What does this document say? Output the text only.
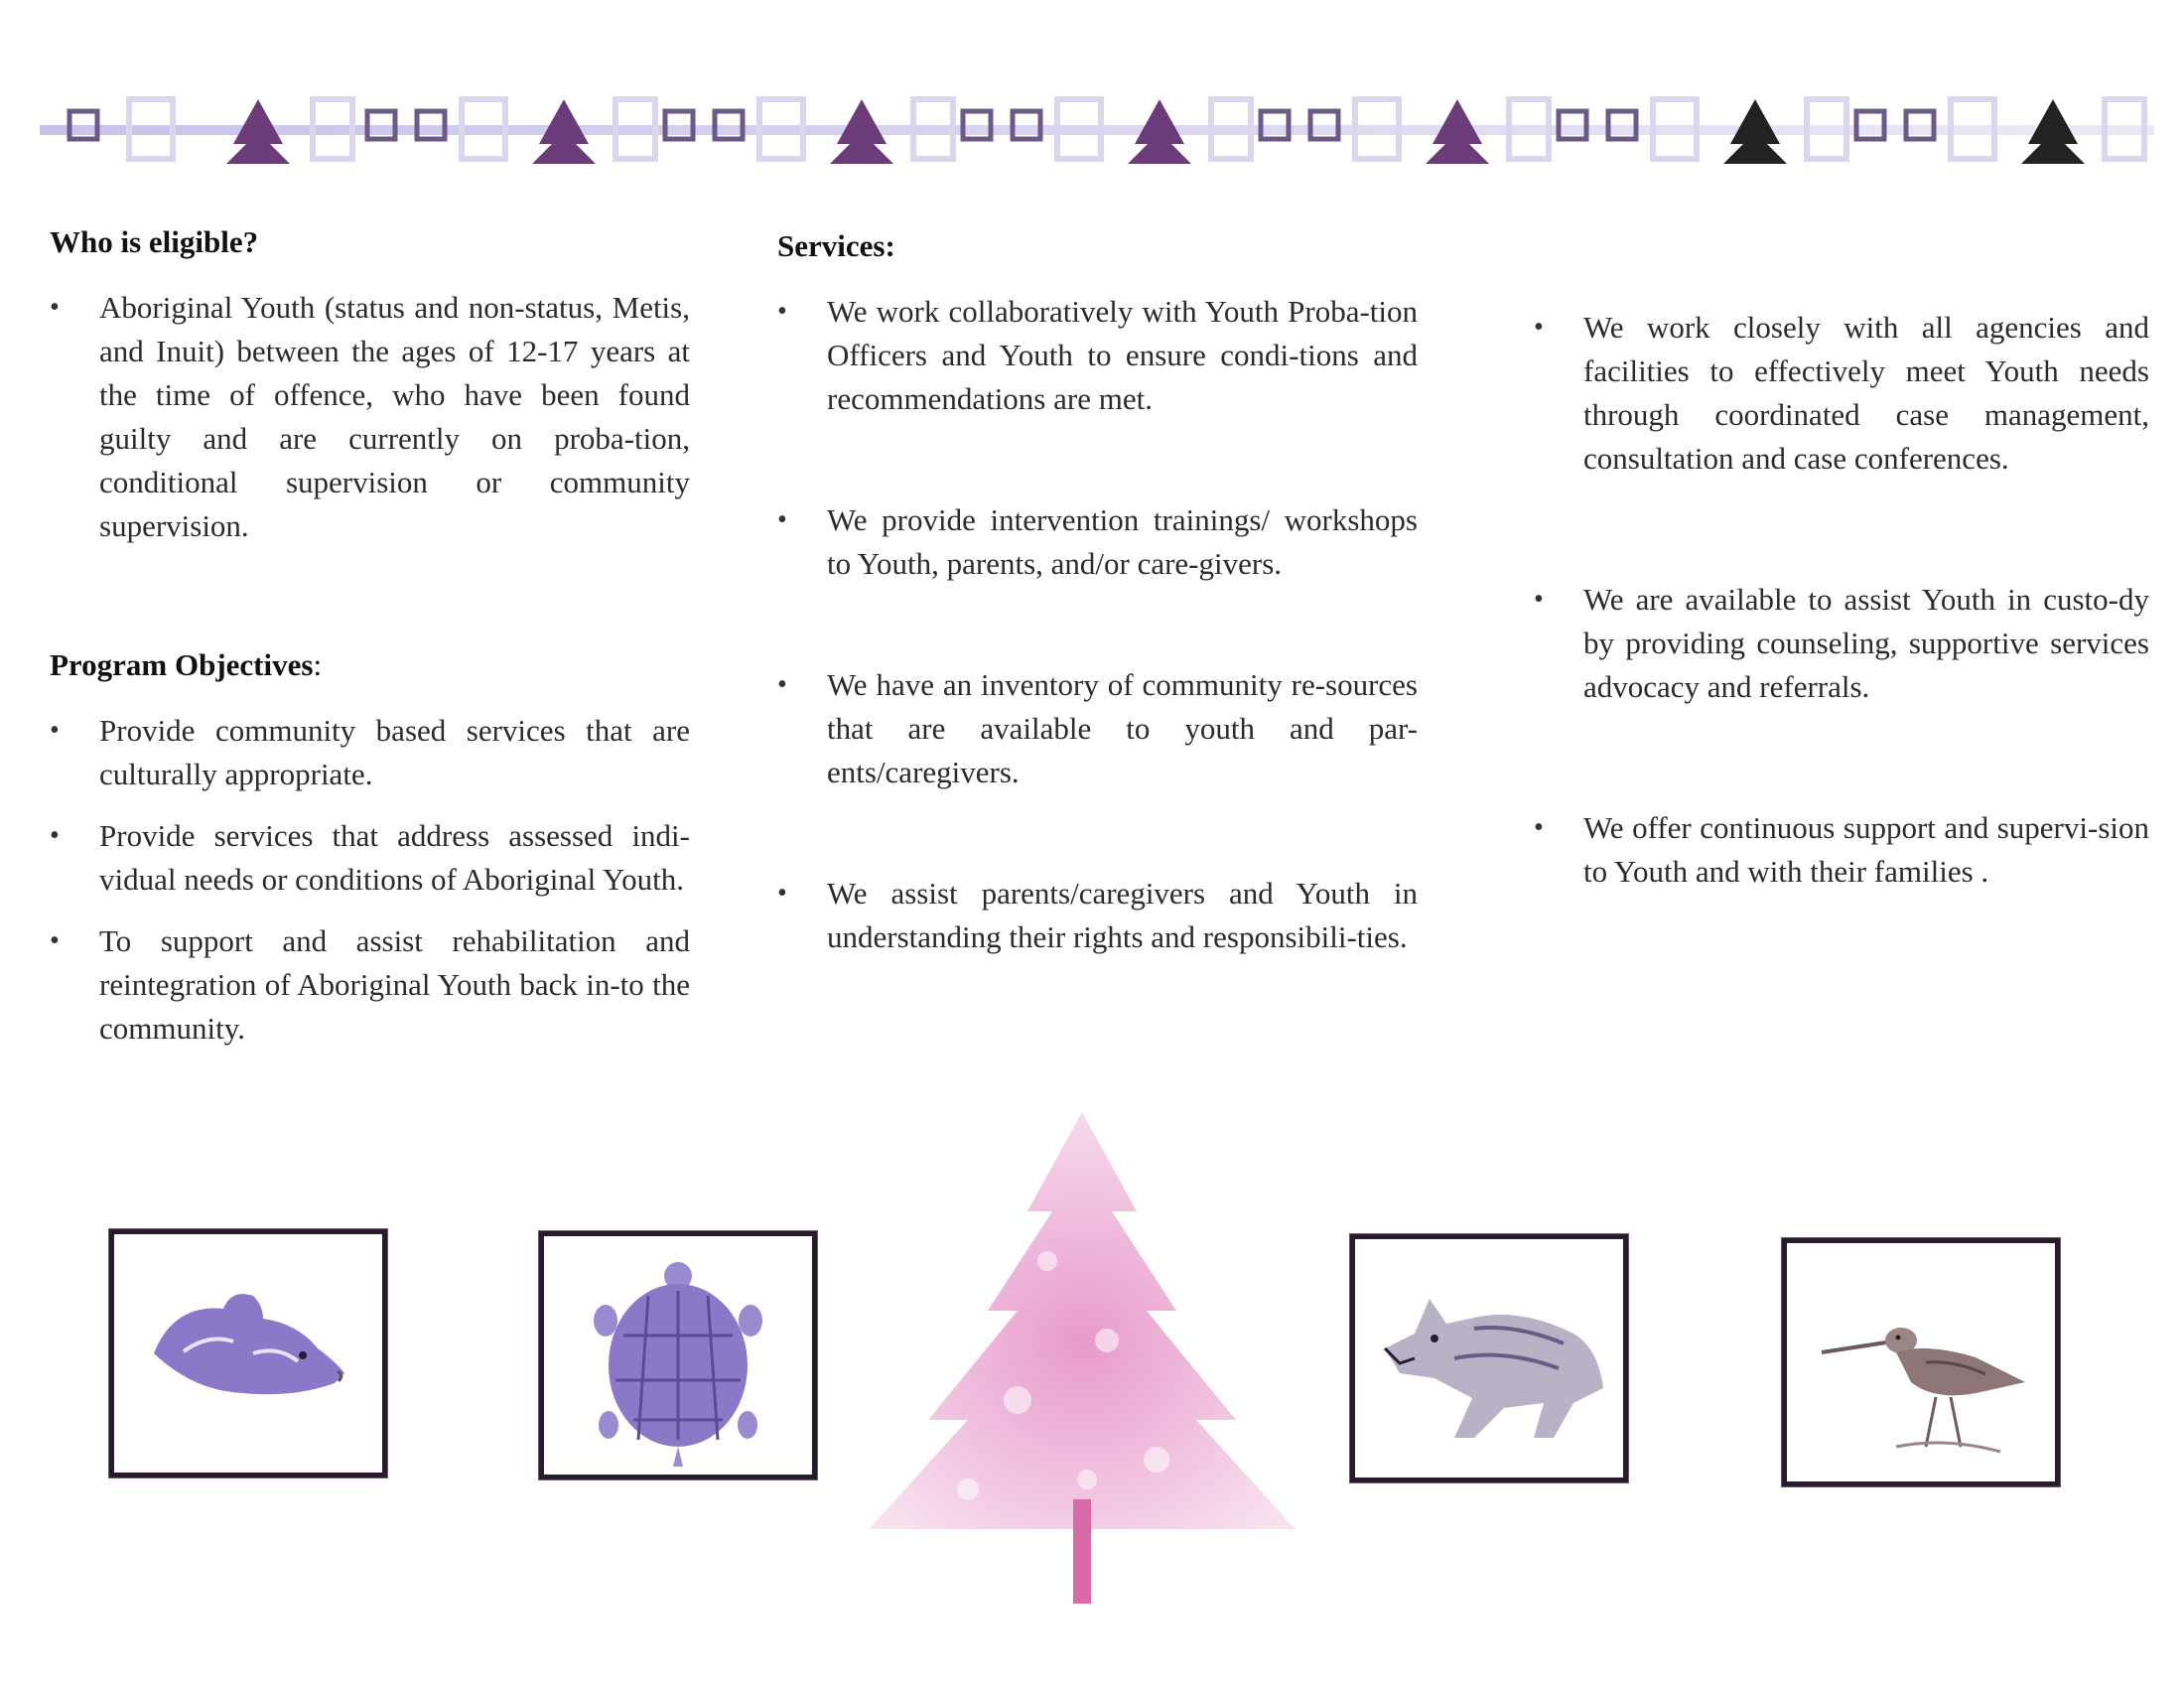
Who is eligible?
• Aboriginal Youth (status and non-status, Metis, and Inuit) between the ages of 12-17 years at the time of offence, who have been found guilty and are currently on proba-tion, conditional supervision or community supervision.
Program Objectives:
• Provide community based services that are culturally appropriate.
• Provide services that address assessed indi-vidual needs or conditions of Aboriginal Youth.
• To support and assist rehabilitation and reintegration of Aboriginal Youth back in-to the community.
Services:
• We work collaboratively with Youth Proba-tion Officers and Youth to ensure condi-tions and recommendations are met.
• We provide intervention trainings/ workshops to Youth, parents, and/or care-givers.
• We have an inventory of community re-sources that are available to youth and par-ents/caregivers.
• We assist parents/caregivers and Youth in understanding their rights and responsibili-ties.
• We work closely with all agencies and facilities to effectively meet Youth needs through coordinated case management, consultation and case conferences.
• We are available to assist Youth in custo-dy by providing counseling, supportive services advocacy and referrals.
• We offer continuous support and supervi-sion to Youth and with their families .
